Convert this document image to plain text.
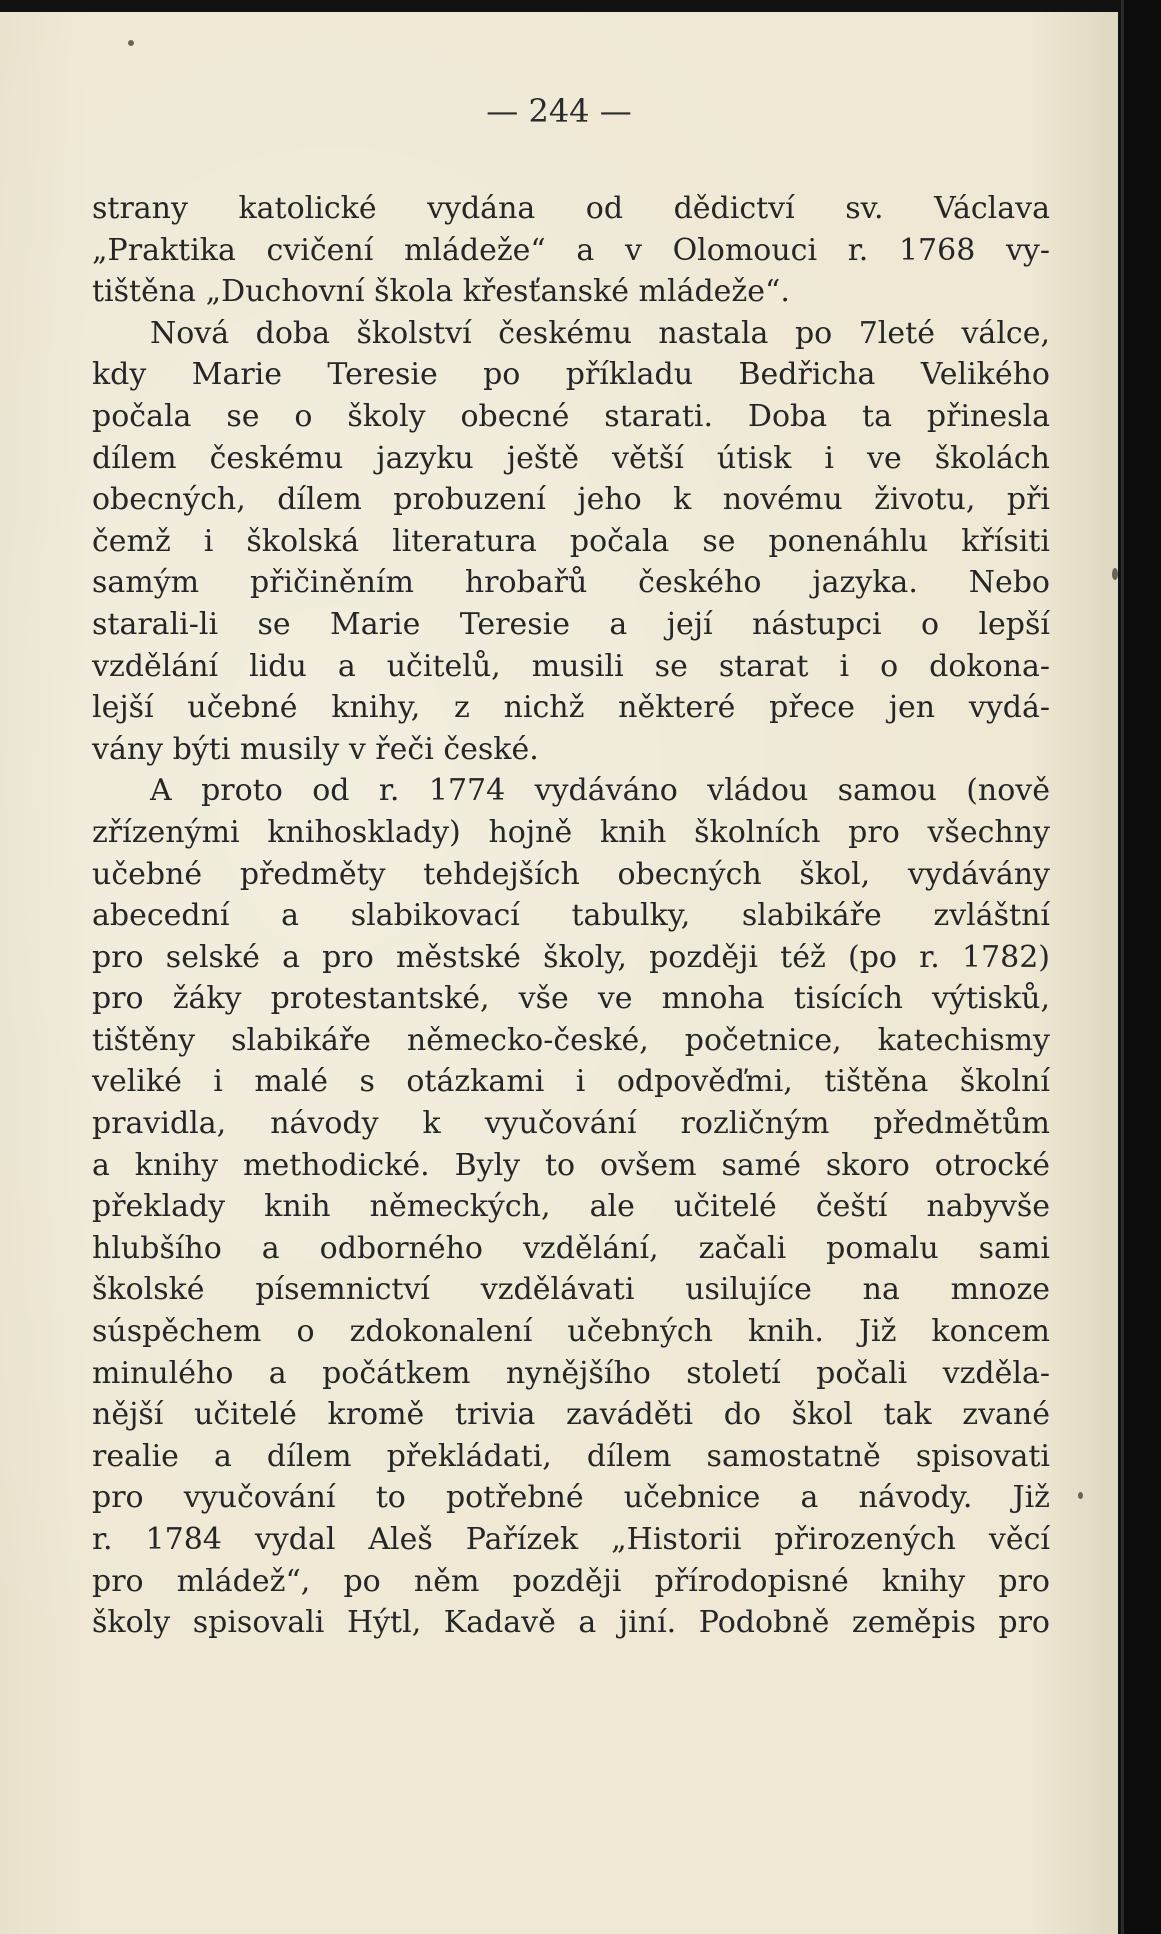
— 244 —
strany katolické vydána od dědictví sv. Václava
„Praktika cvičení mládeže“ a v Olomouci r. 1768 vy-
tištěna „Duchovní škola křesťanské mládeže“.
Nová doba školství českému nastala po 7leté válce,
kdy Marie Teresie po příkladu Bedřicha Velikého
počala se o školy obecné starati. Doba ta přinesla
dílem českému jazyku ještě větší útisk i ve školách
obecných, dílem probuzení jeho k novému životu, při
čemž i školská literatura počala se ponenáhlu křísiti
samým přičiněním hrobařů českého jazyka. Nebo
starali-li se Marie Teresie a její nástupci o lepší
vzdělání lidu a učitelů, musili se starat i o dokona-
lejší učebné knihy, z nichž některé přece jen vydá-
vány býti musily v řeči české.
A proto od r. 1774 vydáváno vládou samou (nově
zřízenými knihosklady) hojně knih školních pro všechny
učebné předměty tehdejších obecných škol, vydávány
abecední a slabikovací tabulky, slabikáře zvláštní
pro selské a pro městské školy, později též (po r. 1782)
pro žáky protestantské, vše ve mnoha tisících výtisků,
tištěny slabikáře německo-české, početnice, katechismy
veliké i malé s otázkami i odpověďmi, tištěna školní
pravidla, návody k vyučování rozličným předmětům
a knihy methodické. Byly to ovšem samé skoro otrocké
překlady knih německých, ale učitelé čeští nabyvše
hlubšího a odborného vzdělání, začali pomalu sami
školské písemnictví vzdělávati usilujíce na mnoze
súspěchem o zdokonalení učebných knih. Již koncem
minulého a počátkem nynějšího století počali vzděla-
nější učitelé kromě trivia zaváděti do škol tak zvané
realie a dílem překládati, dílem samostatně spisovati
pro vyučování to potřebné učebnice a návody. Již
r. 1784 vydal Aleš Pařízek „Historii přirozených věcí
pro mládež“, po něm později přírodopisné knihy pro
školy spisovali Hýtl, Kadavě a jiní. Podobně zeměpis pro
